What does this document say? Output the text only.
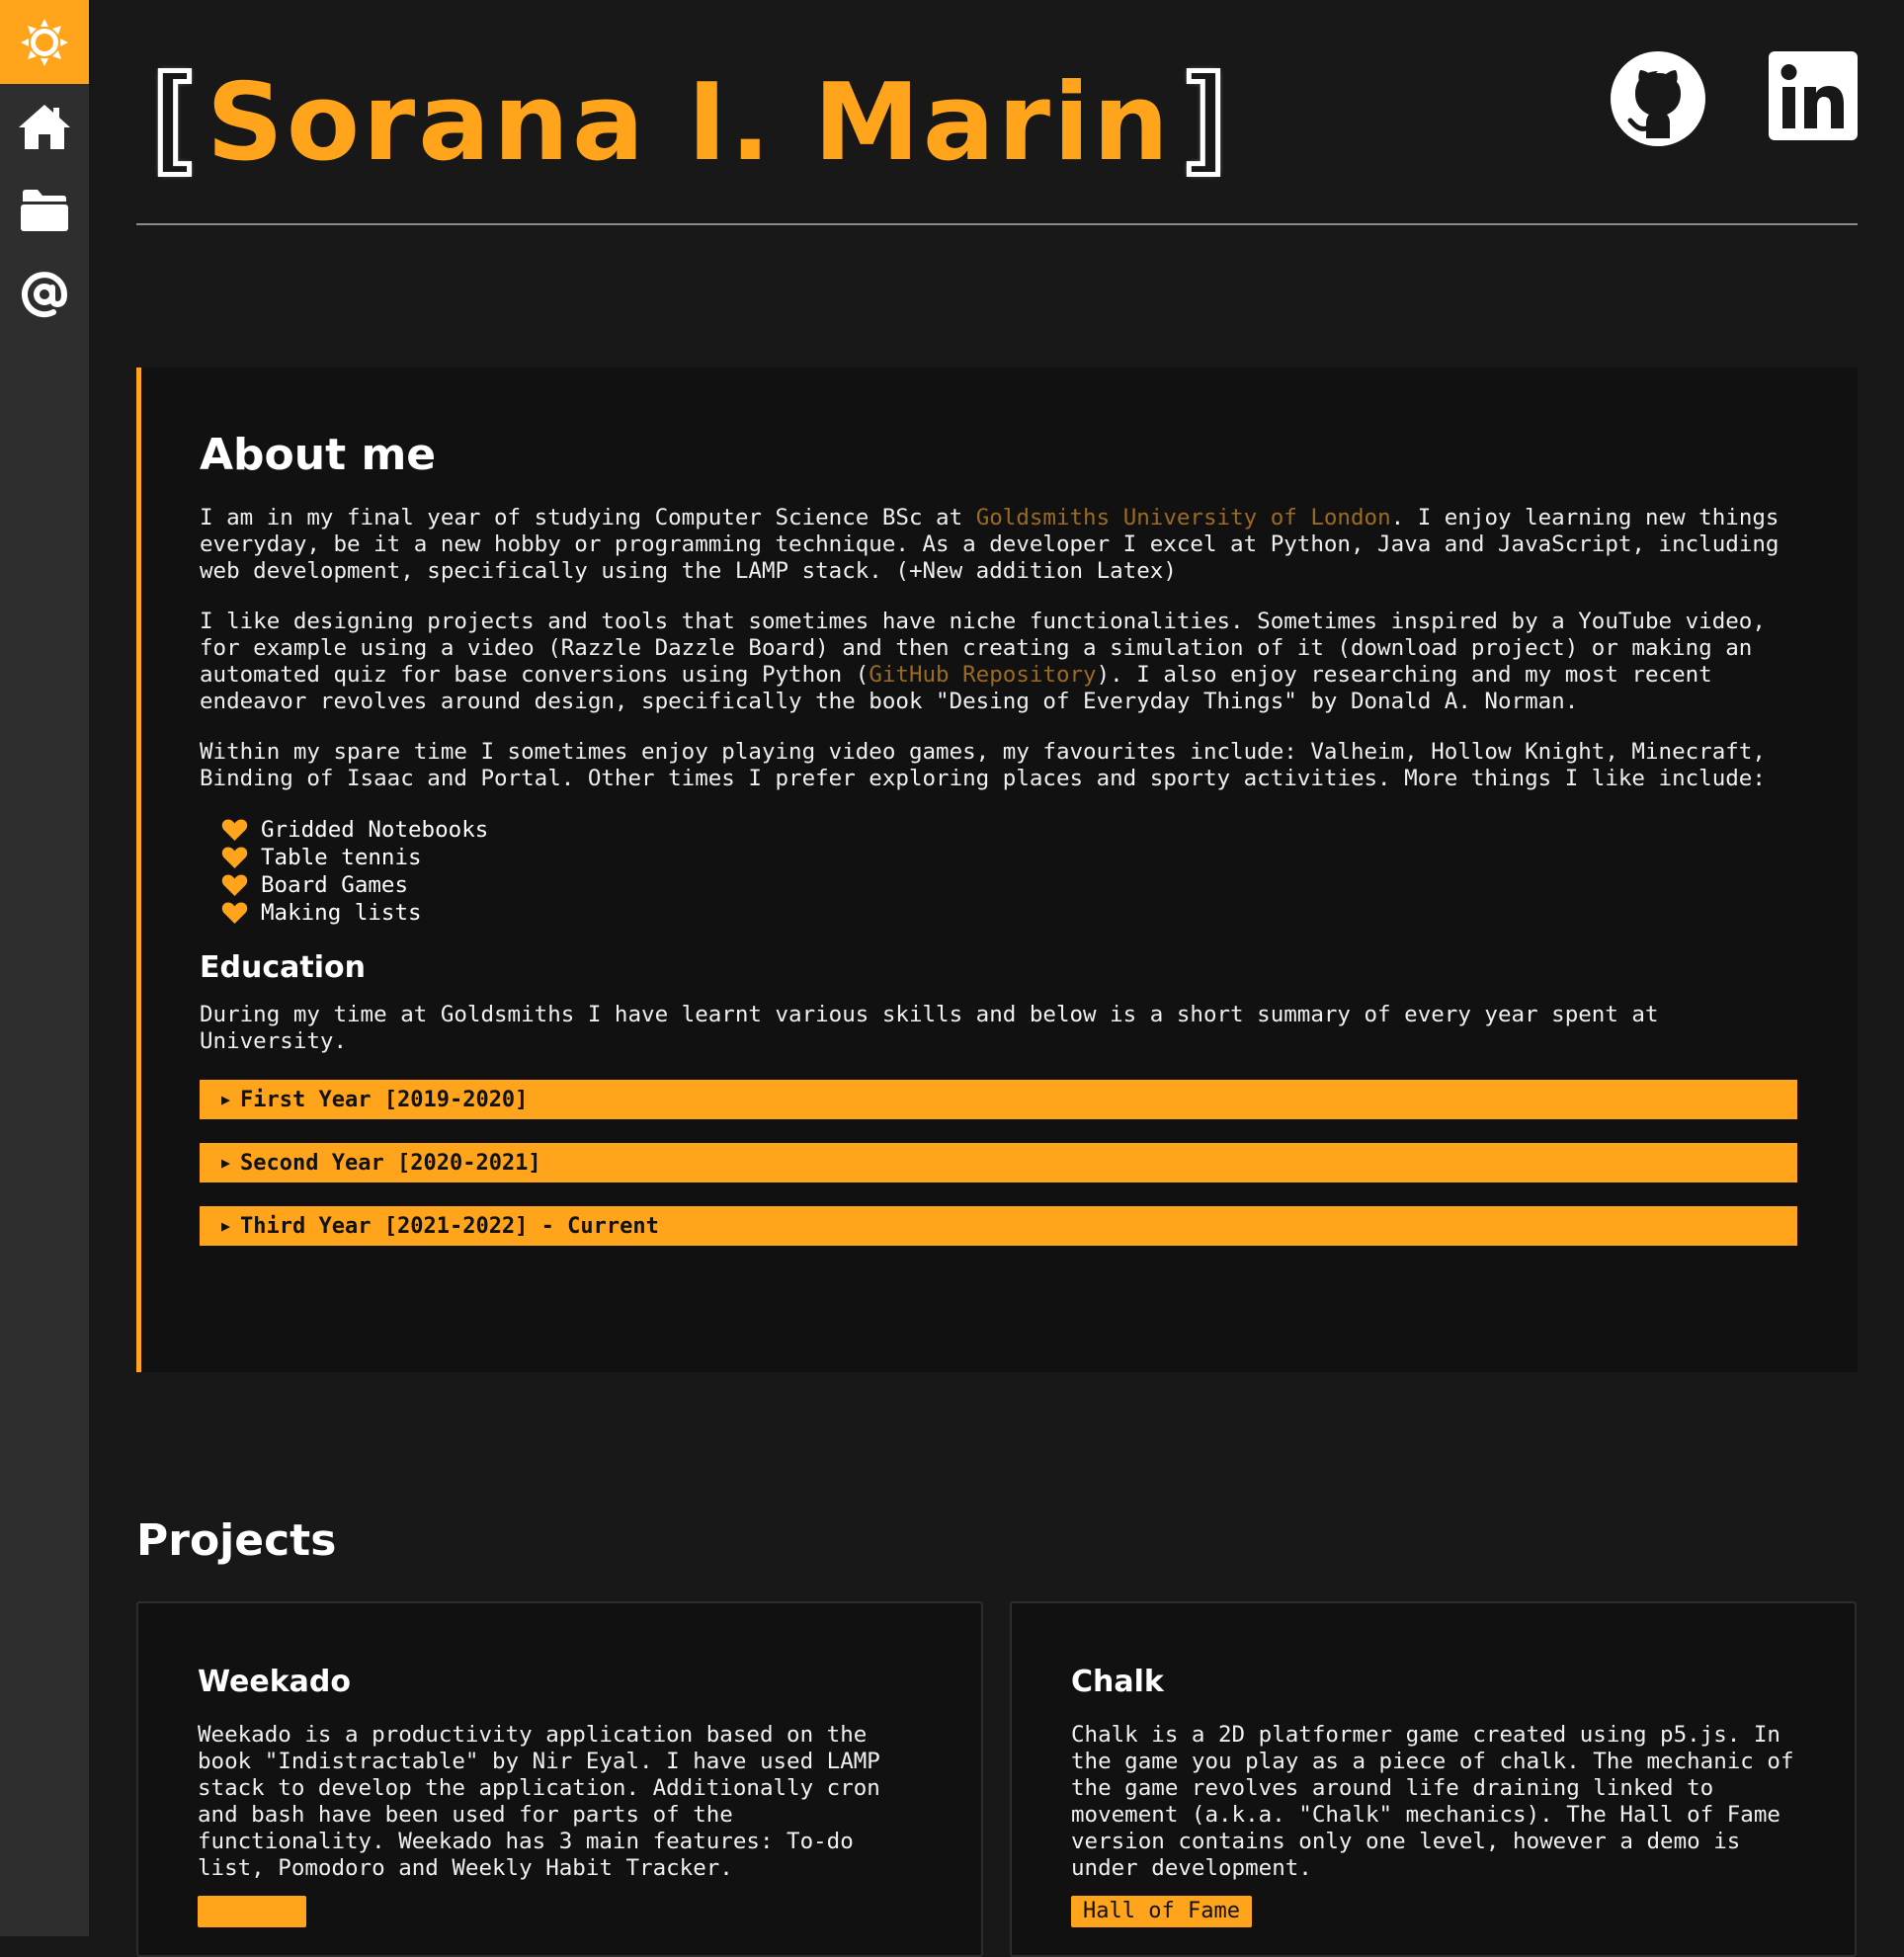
[Sorana I. Marin]
About me

I am in my final year of studying Computer Science BSc at Goldsmiths University of London. I enjoy learning new things everyday, be it a new hobby or programming technique. As a developer I excel at Python, Java and JavaScript, including web development, specifically using the LAMP stack. (+New addition Latex)

I like designing projects and tools that sometimes have niche functionalities. Sometimes inspired by a YouTube video, for example using a video (Razzle Dazzle Board) and then creating a simulation of it (download project) or making an automated quiz for base conversions using Python (GitHub Repository). I also enjoy researching and my most recent endeavor revolves around design, specifically the book "Desing of Everyday Things" by Donald A. Norman.

Within my spare time I sometimes enjoy playing video games, my favourites include: Valheim, Hollow Knight, Minecraft, Binding of Isaac and Portal. Other times I prefer exploring places and sporty activities. More things I like include:

Gridded Notebooks
Table tennis
Board Games
Making lists
Education

During my time at Goldsmiths I have learnt various skills and below is a short summary of every year spent at University.

▶ First Year [2019-2020]
▶ Second Year [2020-2021]
▶ Third Year [2021-2022] - Current
Projects
Weekado

Weekado is a productivity application based on the book "Indistractable" by Nir Eyal. I have used LAMP stack to develop the application. Additionally cron and bash have been used for parts of the functionality. Weekado has 3 main features: To-do list, Pomodoro and Weekly Habit Tracker.

Chalk

Chalk is a 2D platformer game created using p5.js. In the game you play as a piece of chalk. The mechanic of the game revolves around life draining linked to movement (a.k.a. "Chalk" mechanics). The Hall of Fame version contains only one level, however a demo is under development.

Hall of Fame
